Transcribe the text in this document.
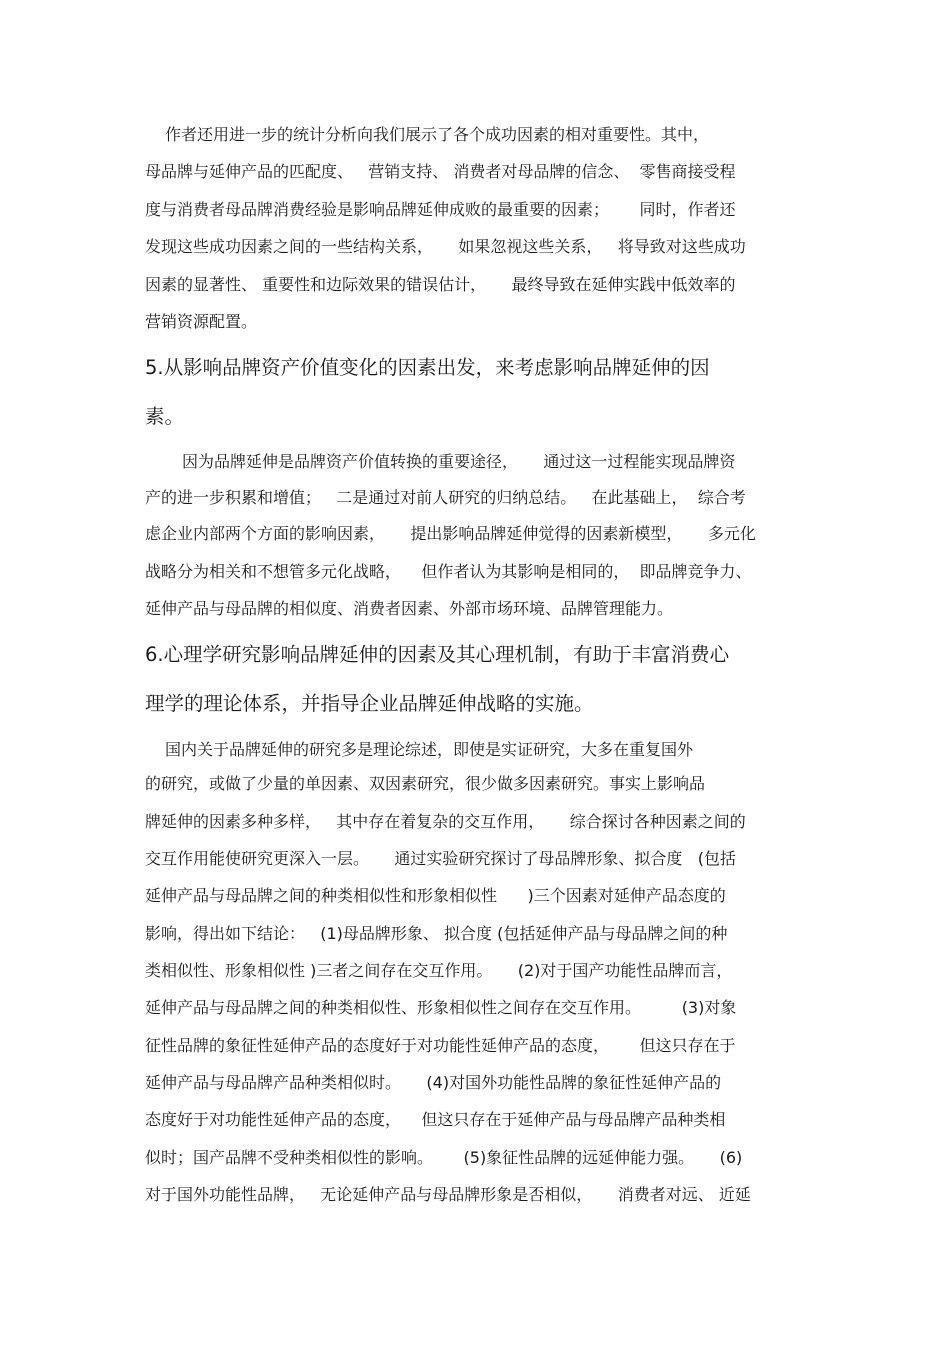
作者还用进一步的统计分析向我们展示了各个成功因素的相对重要性。其中，

母品牌与延伸产品的匹配度、   营销支持、 消费者对母品牌的信念、  零售商接受程

度与消费者母品牌消费经验是影响品牌延伸成败的最重要的因素；      同时，作者还

发现这些成功因素之间的一些结构关系，     如果忽视这些关系，   将导致对这些成功

因素的显著性、 重要性和边际效果的错误估计，     最终导致在延伸实践中低效率的

营销资源配置。

5.从影响品牌资产价值变化的因素出发，来考虑影响品牌延伸的因

素。

因为品牌延伸是品牌资产价值转换的重要途径，     通过这一过程能实现品牌资

产的进一步积累和增值；   二是通过对前人研究的归纳总结。   在此基础上，  综合考

虑企业内部两个方面的影响因素，     提出影响品牌延伸觉得的因素新模型，     多元化

战略分为相关和不想管多元化战略，    但作者认为其影响是相同的，  即品牌竞争力、

延伸产品与母品牌的相似度、消费者因素、外部市场环境、品牌管理能力。

6.心理学研究影响品牌延伸的因素及其心理机制，有助于丰富消费心

理学的理论体系，并指导企业品牌延伸战略的实施。

国内关于品牌延伸的研究多是理论综述，即使是实证研究，大多在重复国外

的研究，或做了少量的单因素、双因素研究，很少做多因素研究。事实上影响品

牌延伸的因素多种多样，   其中存在着复杂的交互作用，     综合探讨各种因素之间的

交互作用能使研究更深入一层。     通过实验研究探讨了母品牌形象、拟合度   (包括

延伸产品与母品牌之间的种类相似性和形象相似性      )三个因素对延伸产品态度的

影响，得出如下结论：   (1)母品牌形象、 拟合度 (包括延伸产品与母品牌之间的种

类相似性、形象相似性 )三者之间存在交互作用。     (2)对于国产功能性品牌而言，

延伸产品与母品牌之间的种类相似性、形象相似性之间存在交互作用。        (3)对象

征性品牌的象征性延伸产品的态度好于对功能性延伸产品的态度，      但这只存在于

延伸产品与母品牌产品种类相似时。     (4)对国外功能性品牌的象征性延伸产品的

态度好于对功能性延伸产品的态度，    但这只存在于延伸产品与母品牌产品种类相

似时；国产品牌不受种类相似性的影响。      (5)象征性品牌的远延伸能力强。     (6)

对于国外功能性品牌，   无论延伸产品与母品牌形象是否相似，     消费者对远、 近延
